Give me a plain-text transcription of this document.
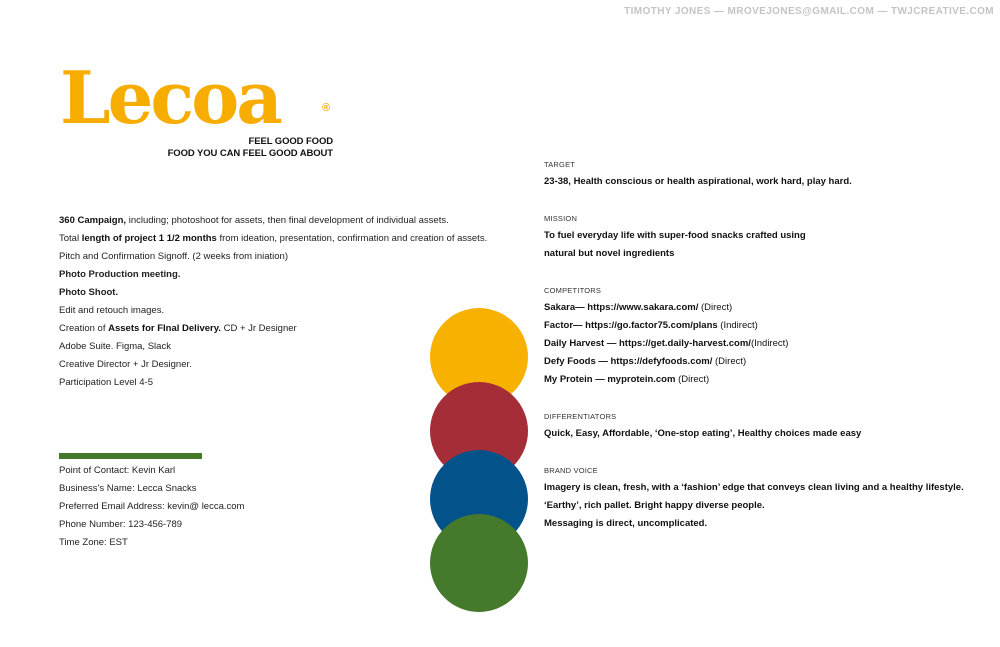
TIMOTHY JONES — MROVEJONES@GMAIL.COM — TWJCREATIVE.COM
Lecoa	®
FEEL GOOD FOOD
FOOD YOU CAN FEEL GOOD ABOUT
360 Campaign, including; photoshoot for assets, then final development of individual assets.
Total length of project 1 1/2 months from ideation, presentation, confirmation and creation of assets.
Pitch and Confirmation Signoff. (2 weeks from iniation)
Photo Production meeting.
Photo Shoot.
Edit and retouch images.
Creation of Assets for FInal Delivery. CD + Jr Designer
Adobe Suite. Figma, Slack
Creative Director + Jr Designer.
Participation Level 4-5
Point of Contact: Kevin Karl
Business's Name: Lecca Snacks
Preferred Email Address: kevin@ lecca.com
Phone Number: 123-456-789
Time Zone: EST
TARGET
23-38, Health conscious or health aspirational, work hard, play hard.
MISSION
To fuel everyday life with super-food snacks crafted using
natural but novel ingredients
COMPETITORS
Sakara— https://www.sakara.com/ (Direct)
Factor— https://go.factor75.com/plans (Indirect)
Daily Harvest — https://get.daily-harvest.com/(Indirect)
Defy Foods — https://defyfoods.com/ (Direct)
My Protein — myprotein.com (Direct)
DIFFERENTIATORS
Quick, Easy, Affordable, ‘One-stop eating’, Healthy choices made easy
BRAND VOICE
Imagery is clean, fresh, with a ‘fashion’ edge that conveys clean living and a healthy lifestyle.
‘Earthy’, rich pallet. Bright happy diverse people.
Messaging is direct, uncomplicated.
